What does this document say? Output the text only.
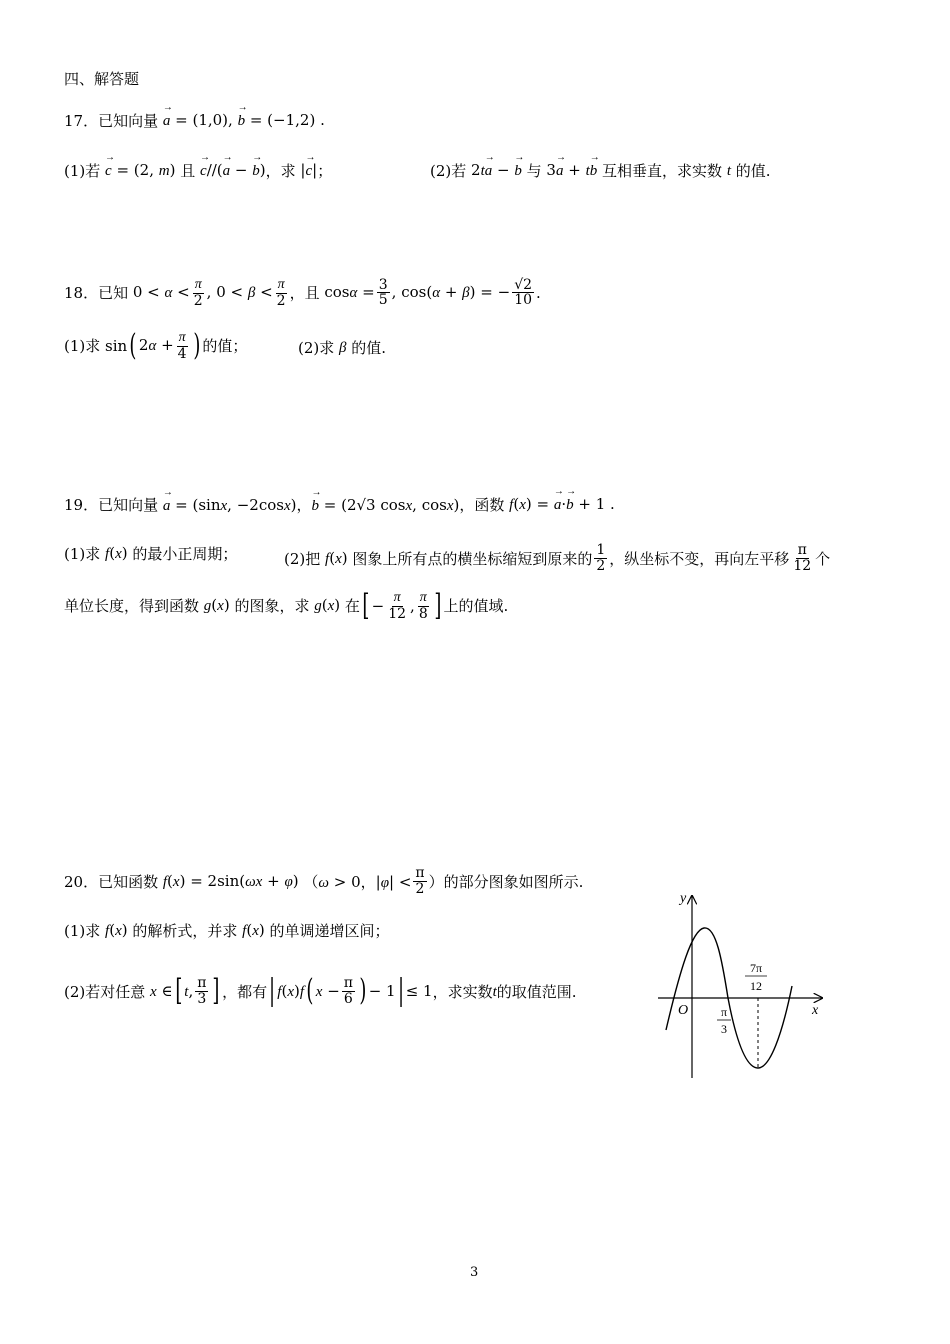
四、解答题
17．已知向量 → a = (1,0), → b = (−1,2) .
(1)若 → c = (2, m) 且 → c//(→ a − → b) ，求 |→ c| ；	(2)若 2t→ a − → b 与 3→ a + t→ b 互相垂直，求实数 t 的值.
18．已知 $0 < \alpha < \frac{\pi}{2}$ , $0 < \beta < \frac{\pi}{2}$ ，且 $\cos\alpha = \frac{3}{5}$ , cos(α + β) = − $\frac{√2}{10}$ .
(1)求 sin ( $2\alpha + \frac{\pi}{4}$ ) 的值；	(2)求 β 的值.
19．已知向量 → a = (sinx, −2cosx)，→ b = (2√3 cosx, cosx) ，函数 f(x) = → a·→ b + 1 .
(1)求 f(x) 的最小正周期；	(2)把 f(x) 图象上所有点的横坐标缩短到原来的 $\frac{1}{2}$ ，纵坐标不变，再向左平移 $\frac{\pi}{12}$ 个
单位长度，得到函数 g(x) 的图象，求 g(x) 在 [ − $\frac{\pi}{12}$ , $\frac{\pi}{8}$ ] 上的值域.
20．已知函数 f(x) = 2sin(ωx + φ) （ ω > 0，$|\varphi| < \frac{\pi}{2}$ ）的部分图象如图所示.
(1)求 f(x) 的解析式，并求 f(x) 的单调递增区间；
(2)若对任意 x ∈ [ t, $\frac{\pi}{3}$ ] ，都有 | f(x)f ( $x - \frac{\pi}{6}$ ) − 1 | ≤ 1 ，求实数 t 的取值范围.
y
x
O	π
3
7π
12
3
